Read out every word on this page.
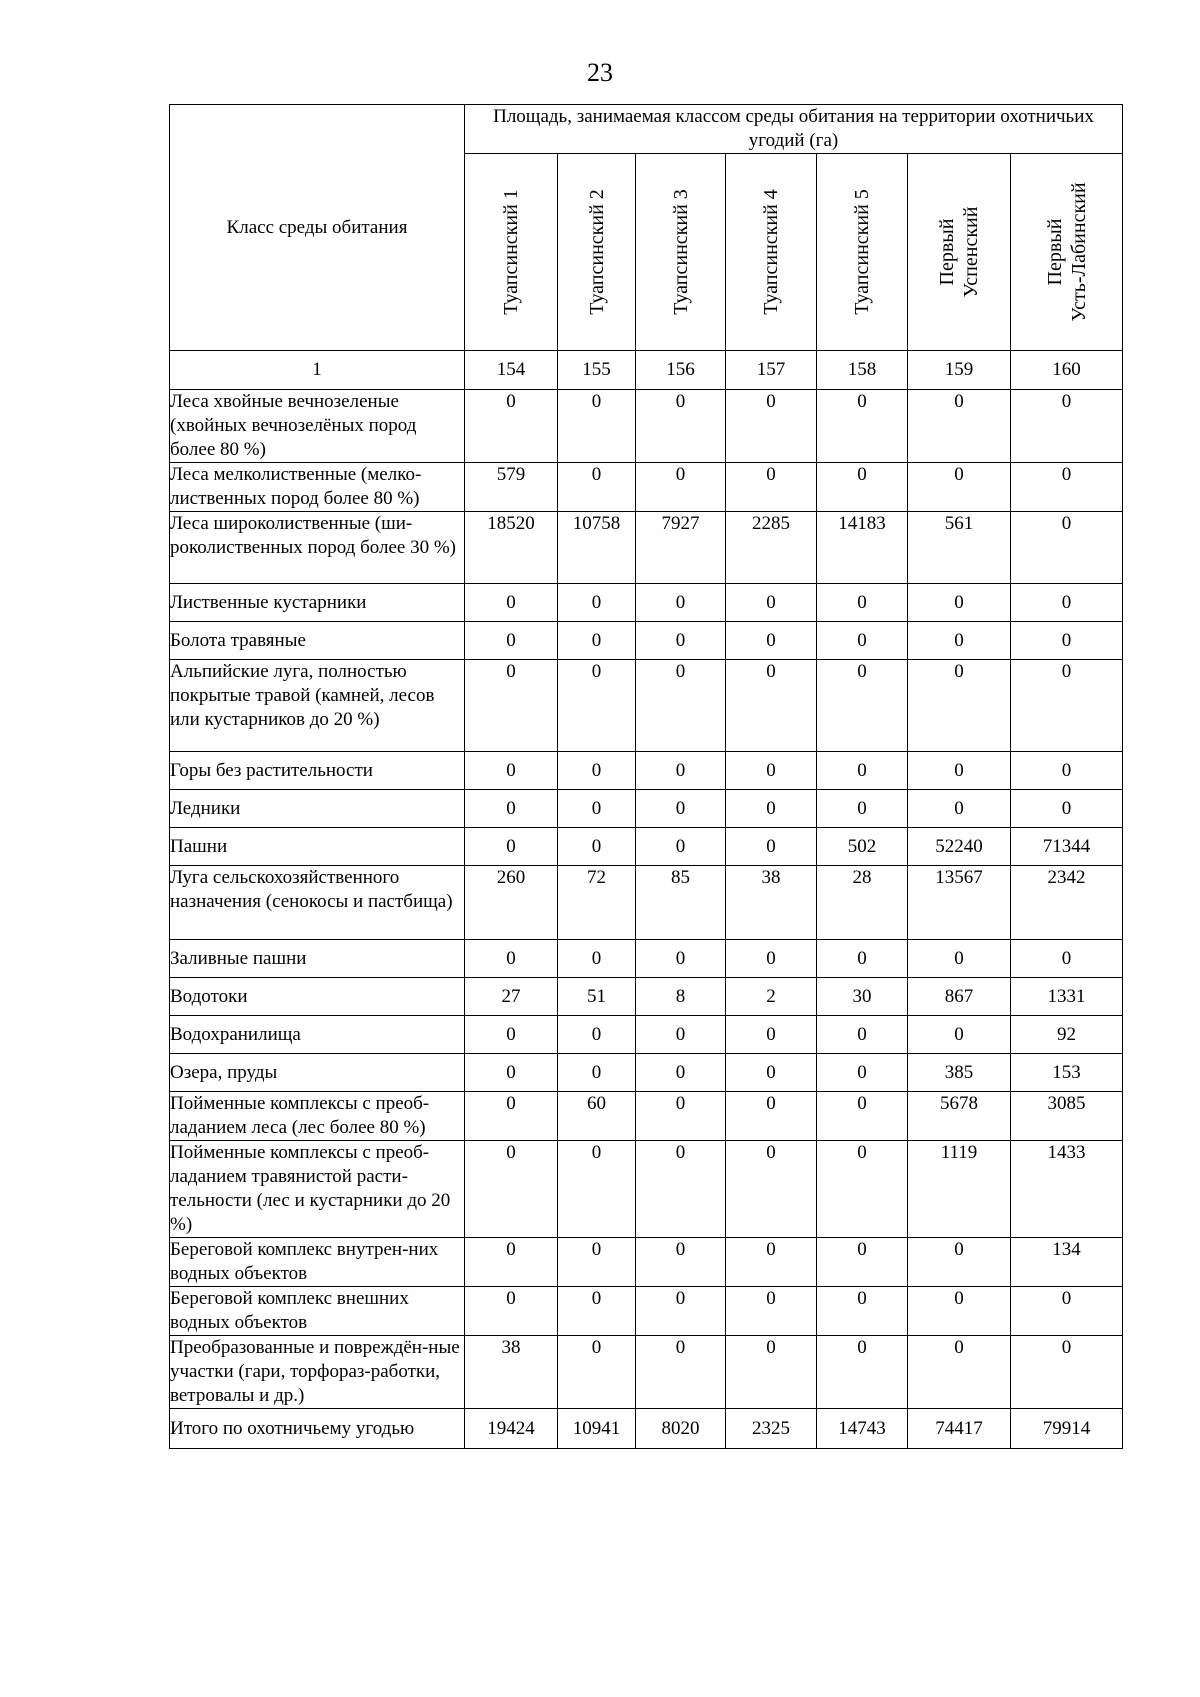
23
Класс среды обитания	Площадь, занимаемая классом среды обитания на территории охотничьих угодий (га)						

	Туапсинский 1	Туапсинский 2	Туапсинский 3	Туапсинский 4	Туапсинский 5	Первый Успенский	Первый Усть-Лабинский

1	154	155	156	157	158	159	160
Леса хвойные вечнозеленые (хвойных вечнозелёных пород более 80 %)	0	0	0	0	0	0	0
Леса мелколиственные (мелко-лиственных пород более 80 %)	579	0	0	0	0	0	0
Леса широколиственные (ши-роколиственных пород более 30 %)	18520	10758	7927	2285	14183	561	0
Лиственные кустарники	0	0	0	0	0	0	0
Болота травяные	0	0	0	0	0	0	0
Альпийские луга, полностью покрытые травой (камней, лесов или кустарников до 20 %)	0	0	0	0	0	0	0
Горы без растительности	0	0	0	0	0	0	0
Ледники	0	0	0	0	0	0	0
Пашни	0	0	0	0	502	52240	71344
Луга сельскохозяйственного назначения (сенокосы и пастбища)	260	72	85	38	28	13567	2342
Заливные пашни	0	0	0	0	0	0	0
Водотоки	27	51	8	2	30	867	1331
Водохранилища	0	0	0	0	0	0	92
Озера, пруды	0	0	0	0	0	385	153
Пойменные комплексы с преоб-ладанием леса (лес более 80 %)	0	60	0	0	0	5678	3085
Пойменные комплексы с преоб-ладанием травянистой расти-тельности (лес и кустарники до 20 %)	0	0	0	0	0	1119	1433
Береговой комплекс внутрен-них водных объектов	0	0	0	0	0	0	134
Береговой комплекс внешних водных объектов	0	0	0	0	0	0	0
Преобразованные и повреждён-ные участки (гари, торфораз-работки, ветровалы и др.)	38	0	0	0	0	0	0
Итого по охотничьему угодью	19424	10941	8020	2325	14743	74417	79914
